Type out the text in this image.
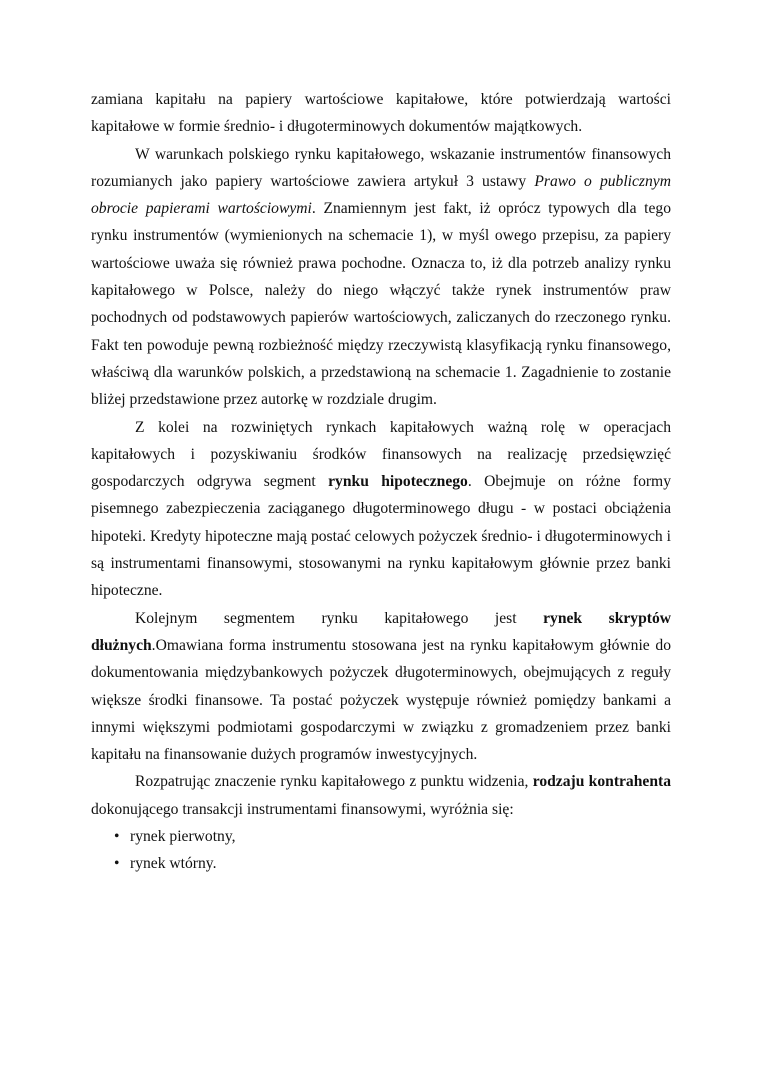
zamiana kapitału na papiery wartościowe kapitałowe, które potwierdzają wartości kapitałowe w formie średnio- i długoterminowych dokumentów majątkowych.

W warunkach polskiego rynku kapitałowego, wskazanie instrumentów finansowych rozumianych jako papiery wartościowe zawiera artykuł 3 ustawy Prawo o publicznym obrocie papierami wartościowymi. Znamiennym jest fakt, iż oprócz typowych dla tego rynku instrumentów (wymienionych na schemacie 1), w myśl owego przepisu, za papiery wartościowe uważa się również prawa pochodne. Oznacza to, iż dla potrzeb analizy rynku kapitałowego w Polsce, należy do niego włączyć także rynek instrumentów praw pochodnych od podstawowych papierów wartościowych, zaliczanych do rzeczonego rynku. Fakt ten powoduje pewną rozbieżność między rzeczywistą klasyfikacją rynku finansowego, właściwą dla warunków polskich, a przedstawioną na schemacie 1. Zagadnienie to zostanie bliżej przedstawione przez autorkę w rozdziale drugim.

Z kolei na rozwiniętych rynkach kapitałowych ważną rolę w operacjach kapitałowych i pozyskiwaniu środków finansowych na realizację przedsięwzięć gospodarczych odgrywa segment rynku hipotecznego. Obejmuje on różne formy pisemnego zabezpieczenia zaciąganego długoterminowego długu - w postaci obciążenia hipoteki. Kredyty hipoteczne mają postać celowych pożyczek średnio- i długoterminowych i są instrumentami finansowymi, stosowanymi na rynku kapitałowym głównie przez banki hipoteczne.

Kolejnym segmentem rynku kapitałowego jest rynek skryptów dłużnych.Omawiana forma instrumentu stosowana jest na rynku kapitałowym głównie do dokumentowania międzybankowych pożyczek długoterminowych, obejmujących z reguły większe środki finansowe. Ta postać pożyczek występuje również pomiędzy bankami a innymi większymi podmiotami gospodarczymi w związku z gromadzeniem przez banki kapitału na finansowanie dużych programów inwestycyjnych.

Rozpatrując znaczenie rynku kapitałowego z punktu widzenia, rodzaju kontrahenta dokonującego transakcji instrumentami finansowymi, wyróżnia się:

• rynek pierwotny,
• rynek wtórny.
